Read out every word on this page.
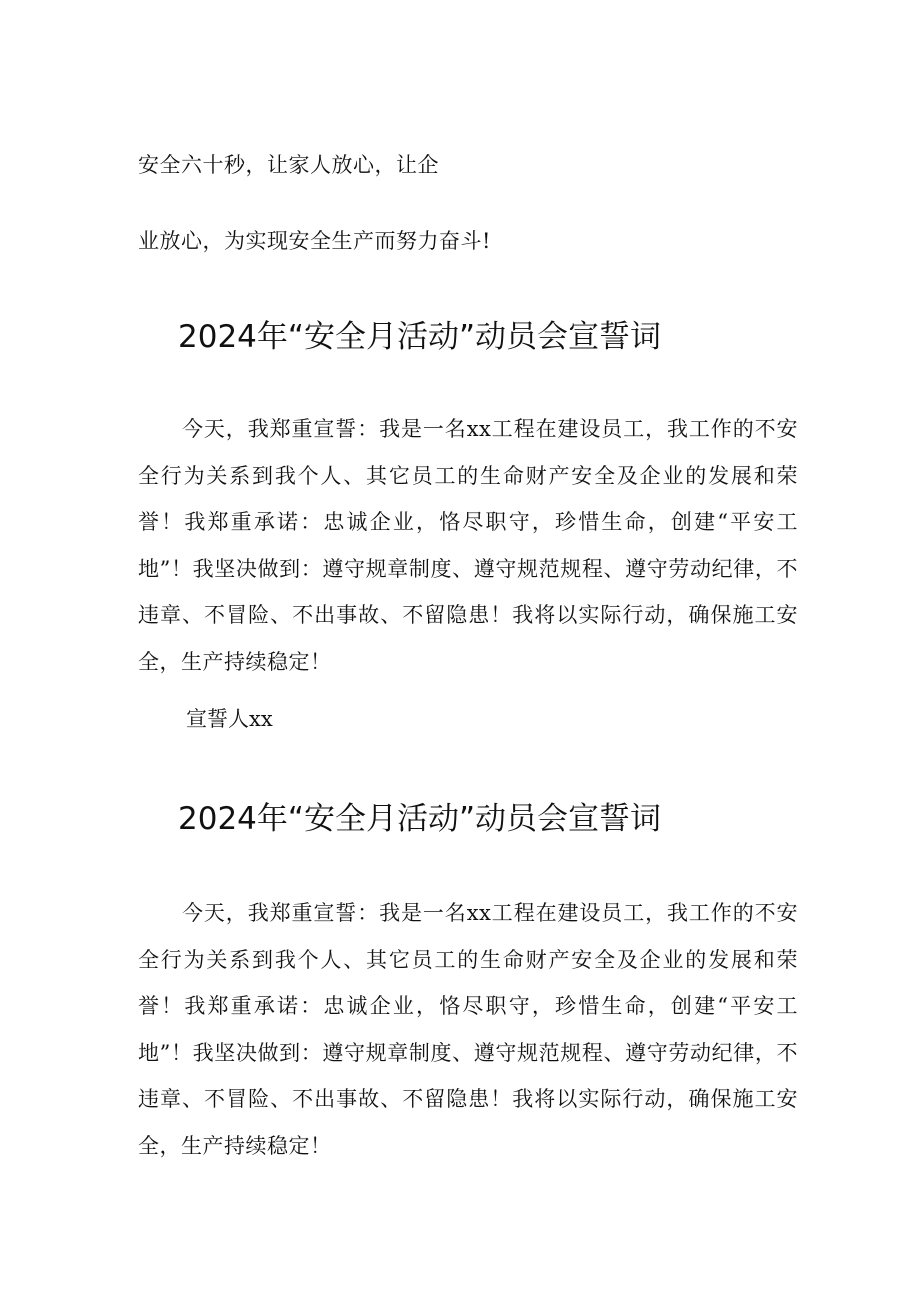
安全六十秒，让家人放心，让企
业放心，为实现安全生产而努力奋斗!
2024年“安全月活动”动员会宣誓词

今天，我郑重宣誓：我是一名xx工程在建设员工，我工作的不安全行为关系到我个人、其它员工的生命财产安全及企业的发展和荣誉！我郑重承诺：忠诚企业，恪尽职守，珍惜生命，创建“平安工地”！我坚决做到：遵守规章制度、遵守规范规程、遵守劳动纪律，不违章、不冒险、不出事故、不留隐患！我将以实际行动，确保施工安全，生产持续稳定！

宣誓人xx
2024年“安全月活动”动员会宣誓词

今天，我郑重宣誓：我是一名xx工程在建设员工，我工作的不安全行为关系到我个人、其它员工的生命财产安全及企业的发展和荣誉！我郑重承诺：忠诚企业，恪尽职守，珍惜生命，创建“平安工地”！我坚决做到：遵守规章制度、遵守规范规程、遵守劳动纪律，不违章、不冒险、不出事故、不留隐患！我将以实际行动，确保施工安全，生产持续稳定！
